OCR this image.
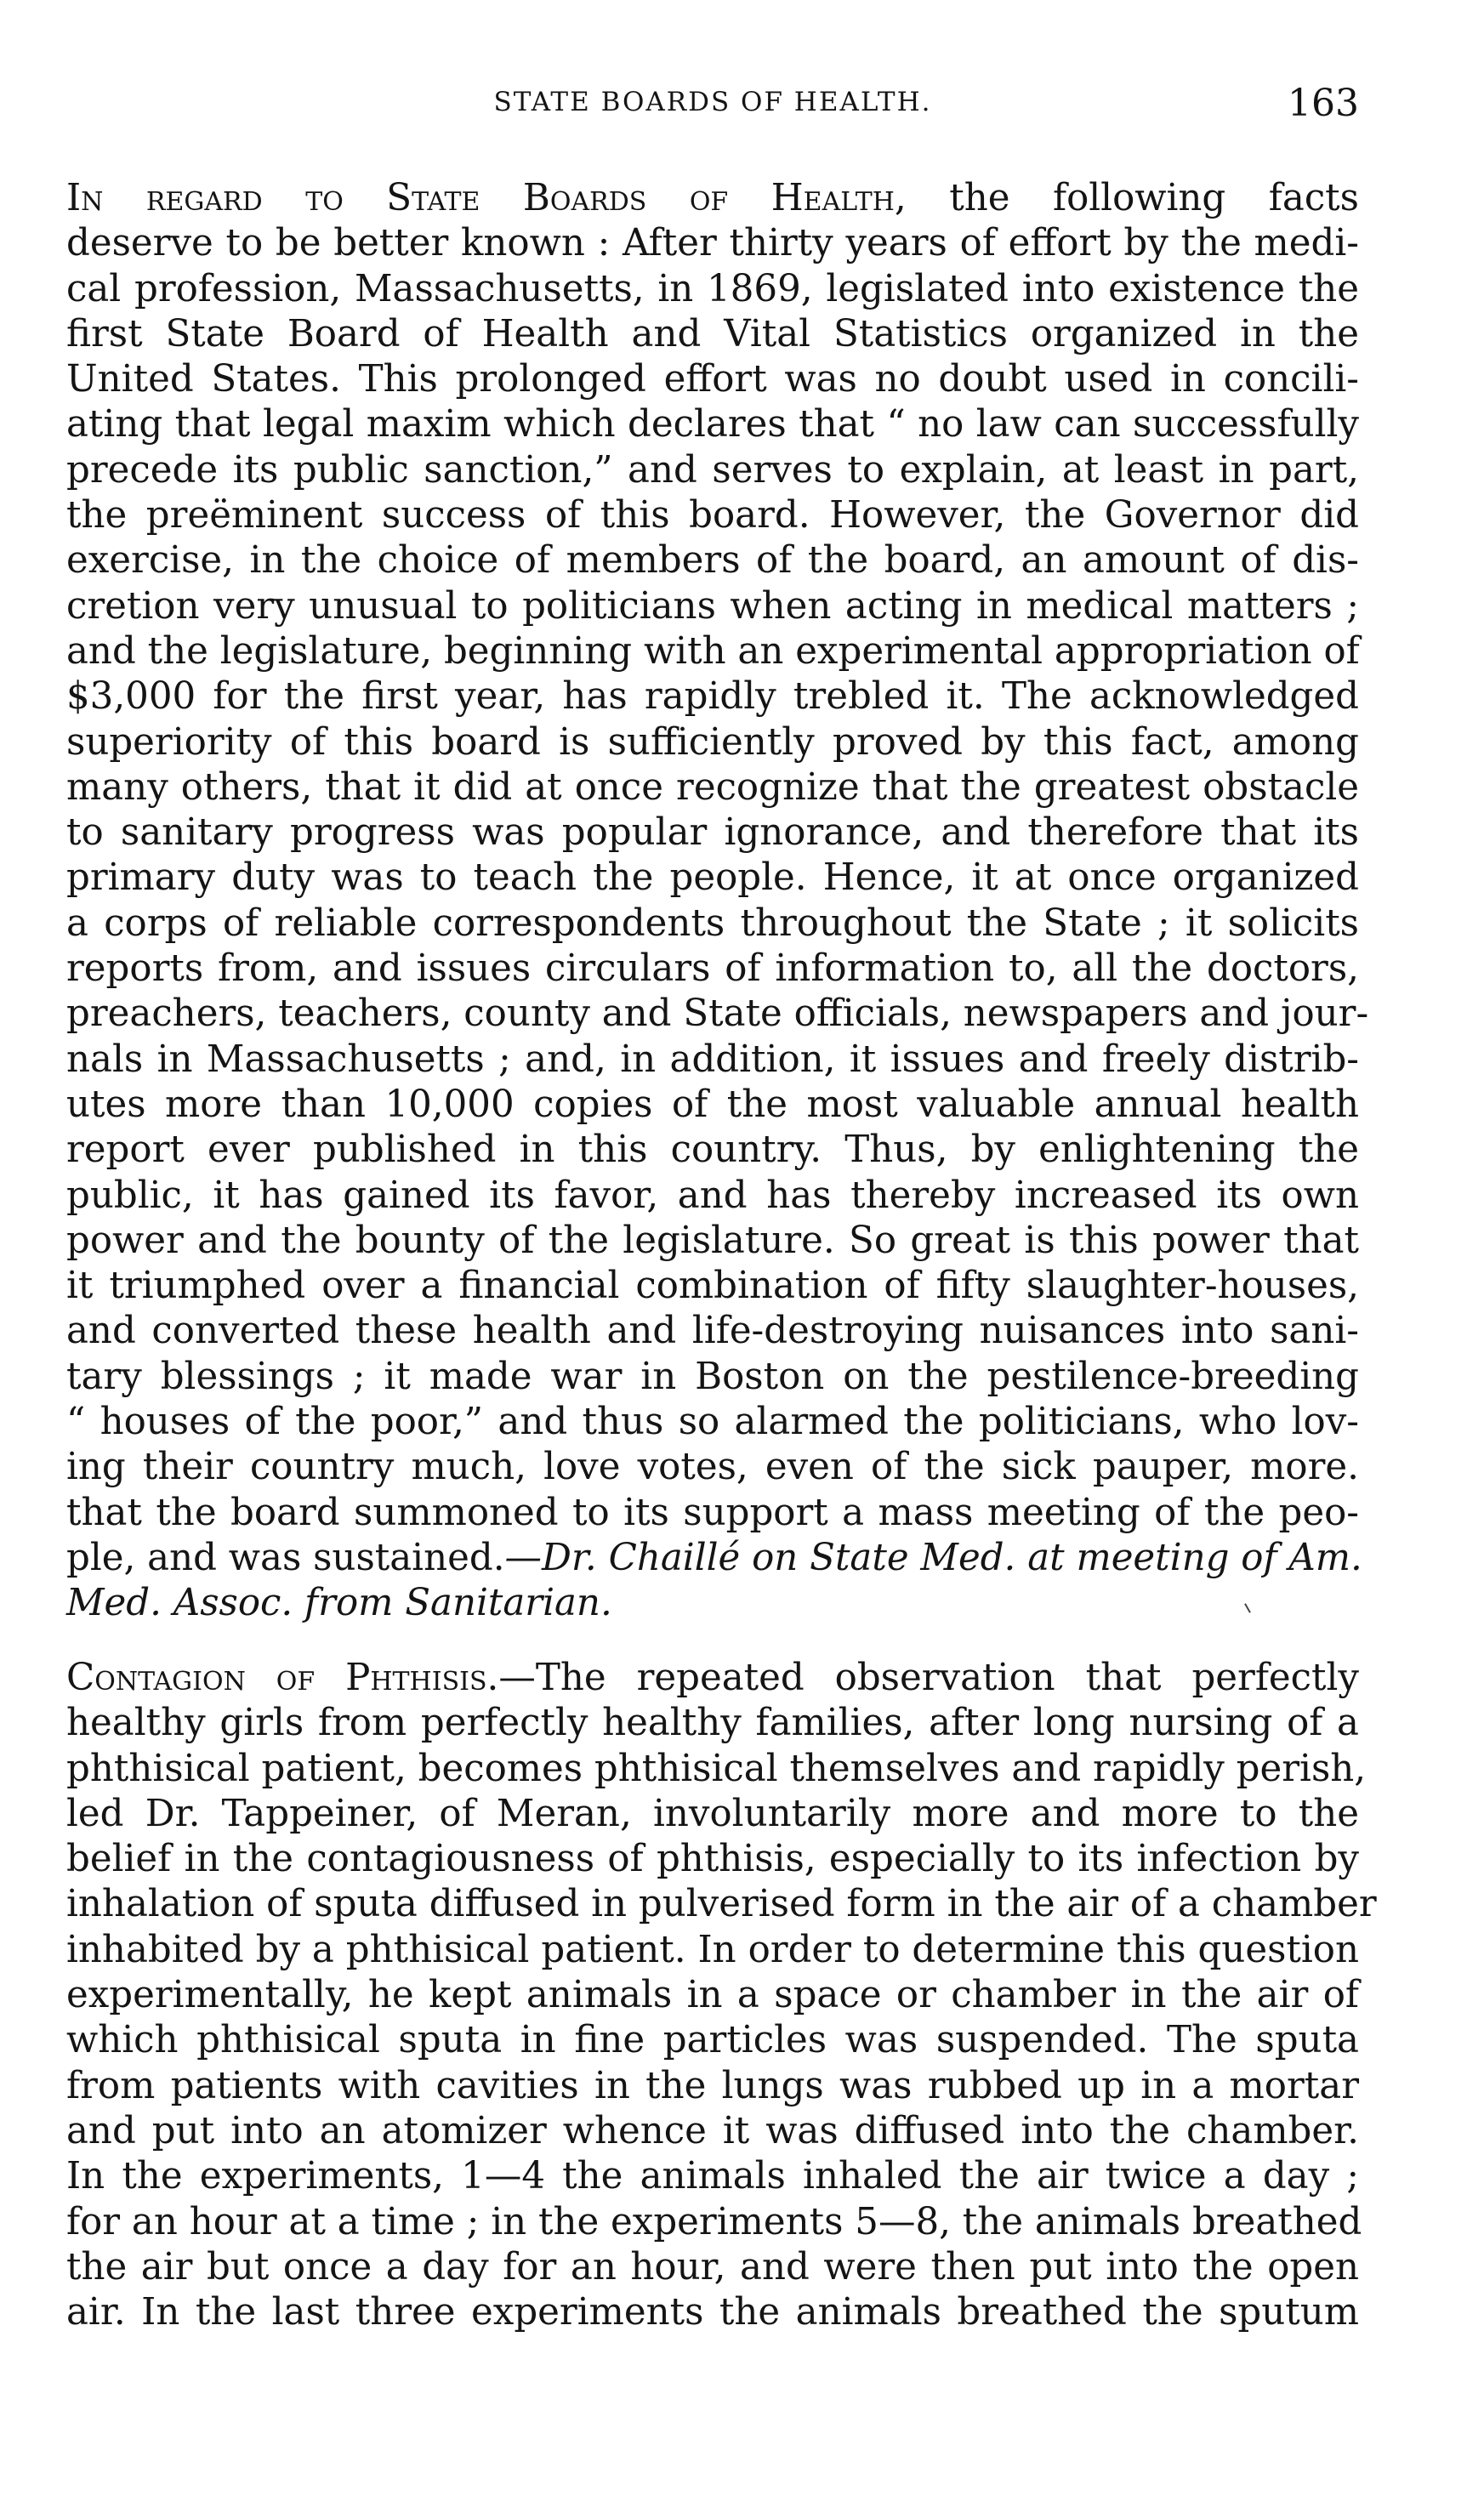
STATE BOARDS OF HEALTH.	163
In regard to State Boards of Health, the following facts
deserve to be better known : After thirty years of effort by the medi-
cal profession, Massachusetts, in 1869, legislated into existence the
first State Board of Health and Vital Statistics organized in the
United States. This prolonged effort was no doubt used in concili-
ating that legal maxim which declares that “ no law can successfully
precede its public sanction,” and serves to explain, at least in part,
the preëminent success of this board. However, the Governor did
exercise, in the choice of members of the board, an amount of dis-
cretion very unusual to politicians when acting in medical matters ;
and the legislature, beginning with an experimental appropriation of
$3,000 for the first year, has rapidly trebled it. The acknowledged
superiority of this board is sufficiently proved by this fact, among
many others, that it did at once recognize that the greatest obstacle
to sanitary progress was popular ignorance, and therefore that its
primary duty was to teach the people. Hence, it at once organized
a corps of reliable correspondents throughout the State ; it solicits
reports from, and issues circulars of information to, all the doctors,
preachers, teachers, county and State officials, newspapers and jour-
nals in Massachusetts ; and, in addition, it issues and freely distrib-
utes more than 10,000 copies of the most valuable annual health
report ever published in this country. Thus, by enlightening the
public, it has gained its favor, and has thereby increased its own
power and the bounty of the legislature. So great is this power that
it triumphed over a financial combination of fifty slaughter-houses,
and converted these health and life-destroying nuisances into sani-
tary blessings ; it made war in Boston on the pestilence-breeding
“ houses of the poor,” and thus so alarmed the politicians, who lov-
ing their country much, love votes, even of the sick pauper, more.
that the board summoned to its support a mass meeting of the peo-
ple, and was sustained.—Dr. Chaillé on State Med. at meeting of Am.
Med. Assoc. from Sanitarian.
Contagion of Phthisis.—The repeated observation that perfectly
healthy girls from perfectly healthy families, after long nursing of a
phthisical patient, becomes phthisical themselves and rapidly perish,
led Dr. Tappeiner, of Meran, involuntarily more and more to the
belief in the contagiousness of phthisis, especially to its infection by
inhalation of sputa diffused in pulverised form in the air of a chamber
inhabited by a phthisical patient. In order to determine this question
experimentally, he kept animals in a space or chamber in the air of
which phthisical sputa in fine particles was suspended. The sputa
from patients with cavities in the lungs was rubbed up in a mortar
and put into an atomizer whence it was diffused into the chamber.
In the experiments, 1—4 the animals inhaled the air twice a day ;
for an hour at a time ; in the experiments 5—8, the animals breathed
the air but once a day for an hour, and were then put into the open
air. In the last three experiments the animals breathed the sputum
